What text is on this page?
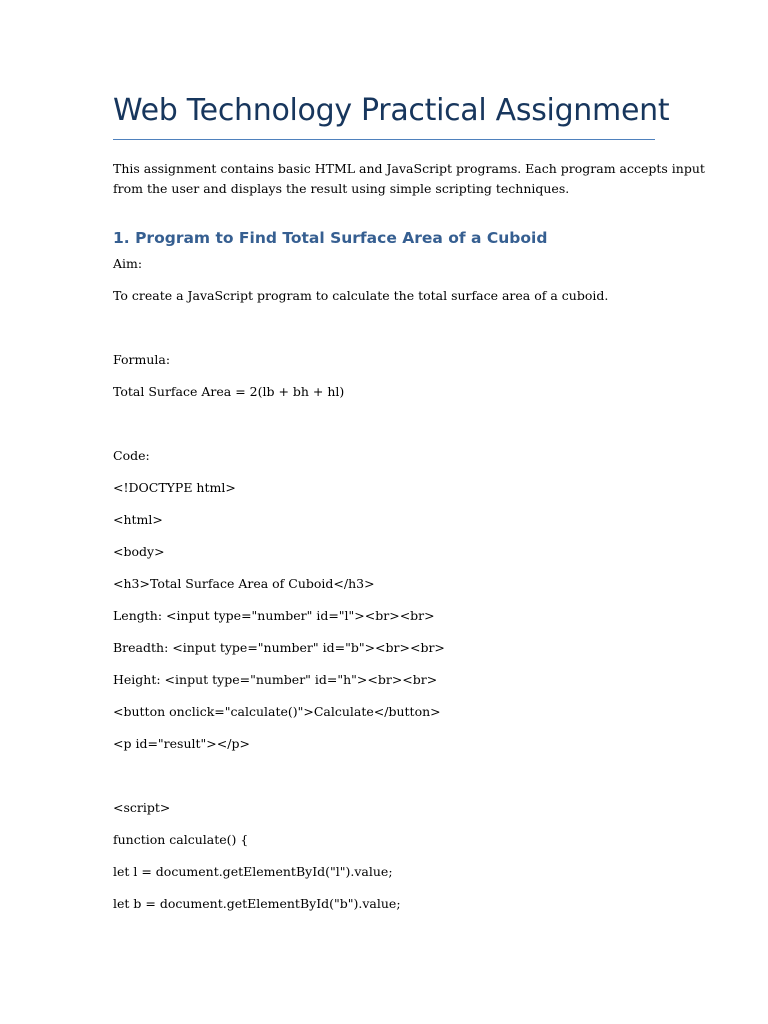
Web Technology Practical Assignment

This assignment contains basic HTML and JavaScript programs. Each program accepts input
from the user and displays the result using simple scripting techniques.

1. Program to Find Total Surface Area of a Cuboid

Aim:

To create a JavaScript program to calculate the total surface area of a cuboid.

Formula:

Total Surface Area = 2(lb + bh + hl)

Code:

<!DOCTYPE html>

<html>

<body>

<h3>Total Surface Area of Cuboid</h3>

Length: <input type="number" id="l"><br><br>

Breadth: <input type="number" id="b"><br><br>

Height: <input type="number" id="h"><br><br>

<button onclick="calculate()">Calculate</button>

<p id="result"></p>

<script>

function calculate() {

let l = document.getElementById("l").value;

let b = document.getElementById("b").value;
